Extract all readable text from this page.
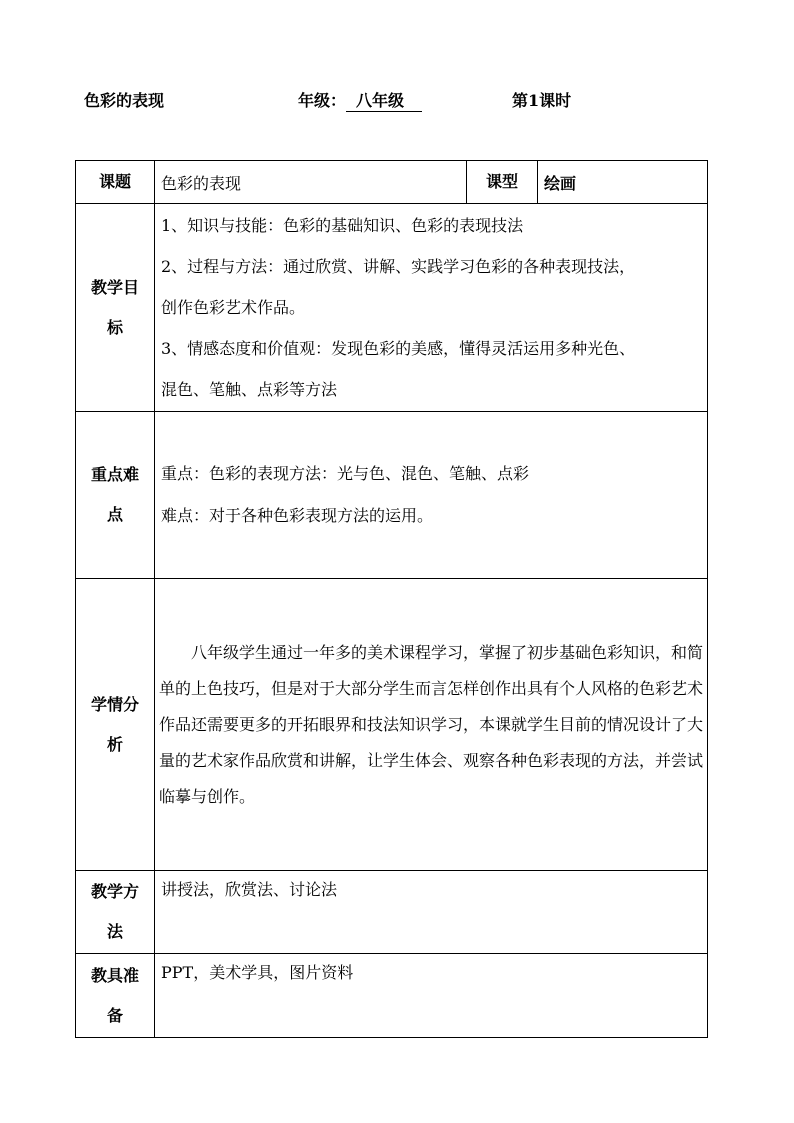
色彩的表现	年级： 八年级	第1课时
课题	色彩的表现	课型	绘画
教学目标	1、知识与技能：色彩的基础知识、色彩的表现技法
2、过程与方法：通过欣赏、讲解、实践学习色彩的各种表现技法，
创作色彩艺术作品。
3、情感态度和价值观：发现色彩的美感，懂得灵活运用多种光色、
混色、笔触、点彩等方法		

重点难点	重点：色彩的表现方法：光与色、混色、笔触、点彩
难点：对于各种色彩表现方法的运用。		

学情分析	八年级学生通过一年多的美术课程学习，掌握了初步基础色彩知识，和简单的上色技巧，但是对于大部分学生而言怎样创作出具有个人风格的色彩艺术作品还需要更多的开拓眼界和技法知识学习，本课就学生目前的情况设计了大量的艺术家作品欣赏和讲解，让学生体会、观察各种色彩表现的方法，并尝试临摹与创作。		

教学方法	讲授法，欣赏法、讨论法		
教具准备	PPT，美术学具，图片资料		
